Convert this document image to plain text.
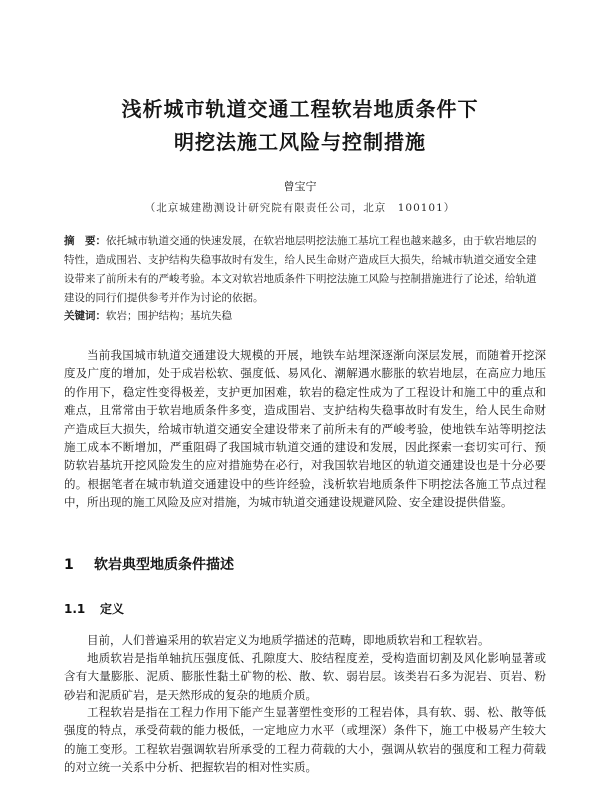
浅析城市轨道交通工程软岩地质条件下
明挖法施工风险与控制措施

曾宝宁

（北京城建勘测设计研究院有限责任公司，北京　100101）

摘　要：依托城市轨道交通的快速发展，在软岩地层明挖法施工基坑工程也越来越多，由于软岩地层的特性，造成围岩、支护结构失稳事故时有发生，给人民生命财产造成巨大损失，给城市轨道交通安全建设带来了前所未有的严峻考验。本文对软岩地质条件下明挖法施工风险与控制措施进行了论述，给轨道建设的同行们提供参考并作为讨论的依据。

关键词：软岩；围护结构；基坑失稳

当前我国城市轨道交通建设大规模的开展，地铁车站埋深逐渐向深层发展，而随着开挖深度及广度的增加，处于成岩松软、强度低、易风化、潮解遇水膨胀的软岩地层，在高应力地压的作用下，稳定性变得极差，支护更加困难，软岩的稳定性成为了工程设计和施工中的重点和难点，且常常由于软岩地质条件多变，造成围岩、支护结构失稳事故时有发生，给人民生命财产造成巨大损失，给城市轨道交通安全建设带来了前所未有的严峻考验，使地铁车站等明挖法施工成本不断增加，严重阻碍了我国城市轨道交通的建设和发展，因此探索一套切实可行、预防软岩基坑开挖风险发生的应对措施势在必行，对我国软岩地区的轨道交通建设也是十分必要的。根据笔者在城市轨道交通建设中的些许经验，浅析软岩地质条件下明挖法各施工节点过程中，所出现的施工风险及应对措施，为城市轨道交通建设规避风险、安全建设提供借鉴。

1 软岩典型地质条件描述
1.1 定义

目前，人们普遍采用的软岩定义为地质学描述的范畴，即地质软岩和工程软岩。

地质软岩是指单轴抗压强度低、孔隙度大、胶结程度差，受构造面切割及风化影响显著或含有大量膨胀、泥质、膨胀性黏土矿物的松、散、软、弱岩层。该类岩石多为泥岩、页岩、粉砂岩和泥质矿岩，是天然形成的复杂的地质介质。

工程软岩是指在工程力作用下能产生显著塑性变形的工程岩体，具有软、弱、松、散等低强度的特点，承受荷载的能力极低，一定地应力水平（或埋深）条件下，施工中极易产生较大的施工变形。工程软岩强调软岩所承受的工程力荷载的大小，强调从软岩的强度和工程力荷载的对立统一关系中分析、把握软岩的相对性实质。
